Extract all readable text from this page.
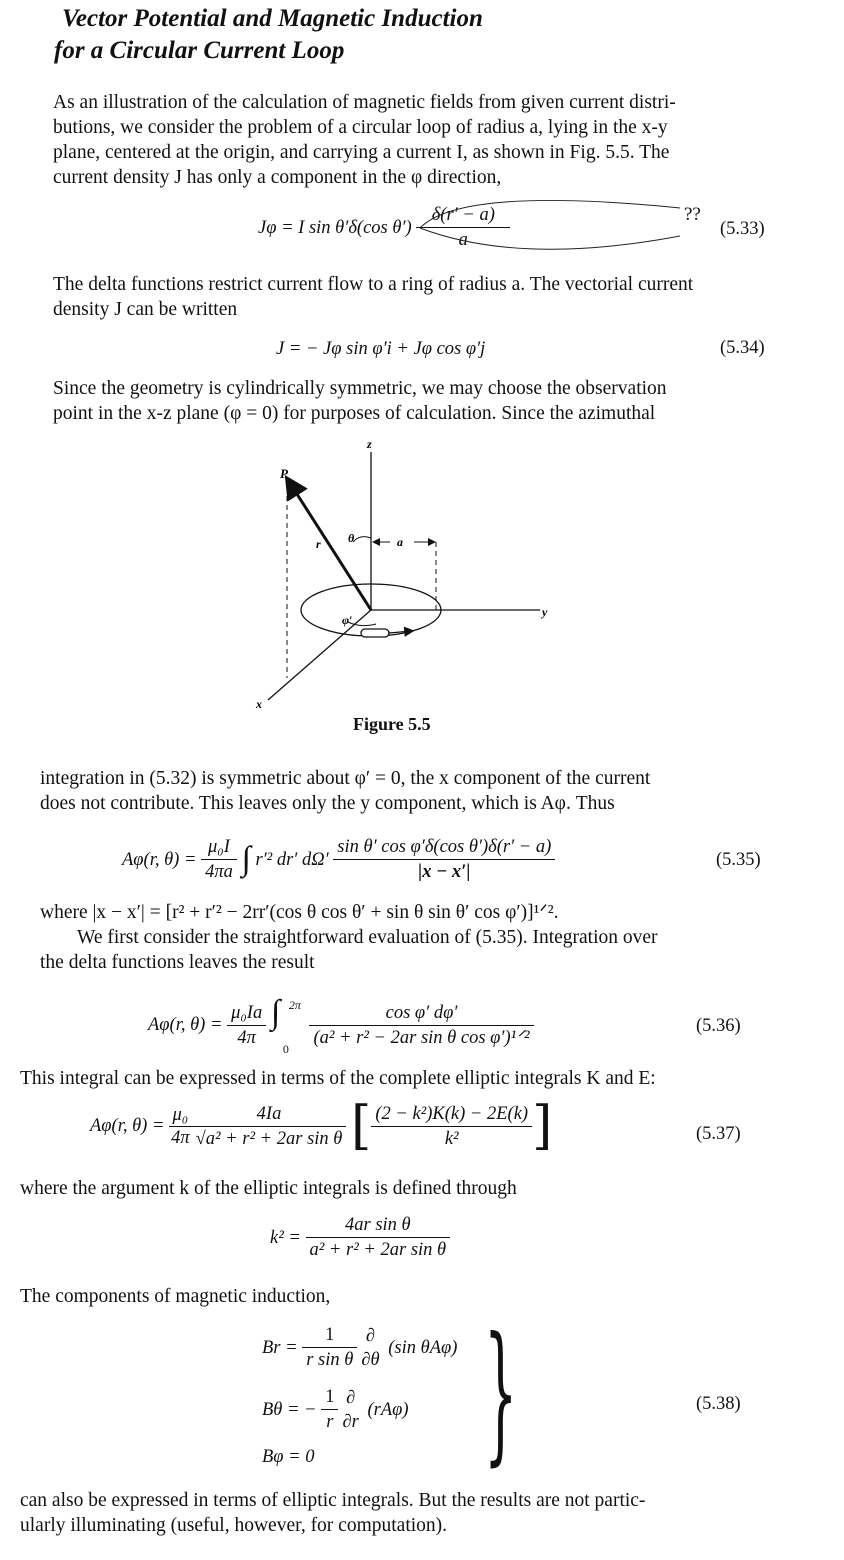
Vector Potential and Magnetic Induction
for a Circular Current Loop
As an illustration of the calculation of magnetic fields from given current distri-
butions, we consider the problem of a circular loop of radius a, lying in the x-y
plane, centered at the origin, and carrying a current I, as shown in Fig. 5.5. The
current density J has only a component in the φ direction,
Jφ = I sin θ′δ(cos $\theta') \frac{\delta(r' - a)}{a}$	??
(5.33)
The delta functions restrict current flow to a ring of radius a. The vectorial current
density J can be written
J = − Jφ sin φ′i + Jφ cos φ′j	(5.34)
Since the geometry is cylindrically symmetric, we may choose the observation
point in the x-z plane (φ = 0) for purposes of calculation. Since the azimuthal
z
y
x
P
r θ	a
φ′
Figure 5.5
integration in (5.32) is symmetric about φ′ = 0, the x component of the current
does not contribute. This leaves only the y component, which is Aφ. Thus
Aφ(r, $\theta) = \frac{\text{μ₀I}}{4\pi a}$ ∫ r′² dr′ $d\Omega' \frac{\text{sin θ′ cos φ′δ(cos θ′)δ(r′ − a)}}{|x - x'|}$	(5.35)
where |x − x′| = [r² + r′² − 2rr′(cos θ cos θ′ + sin θ sin θ′ cos φ′)]¹ᐟ².
We first consider the straightforward evaluation of (5.35). Integration over
the delta functions leaves the result
Aφ(r, $\theta) = \frac{\text{μ₀Ia}}{4\pi}$
∫ 2π
0

$\frac{\text{cos φ′ dφ′}}{\text{(a² + r² − 2ar sin θ cos φ′)¹ᐟ²}}$	(5.36)
This integral can be expressed in terms of the complete elliptic integrals K and E:
Aφ(r, $\theta) = \frac{\text{μ₀}}{4\pi} \frac{4Ia}{\text{√a² + r² + 2ar sin θ}}$ [ $\frac{\text{(2 − k²)K(k) − 2E(k)}}{\text{k²}}$ ]	(5.37)
where the argument k of the elliptic integrals is defined through
$k^2 = \frac{\text{4ar sin θ}}{\text{a² + r² + 2ar sin θ}}$
The components of magnetic induction,
$Br = \frac{1}{\text{r sin θ}}$ ∂
∂θ
(sin θAφ)
Bθ = − $\frac{1}{r}$ ∂
∂r
(rAφ)
Bφ = 0 }	(5.38)
can also be expressed in terms of elliptic integrals. But the results are not partic-
ularly illuminating (useful, however, for computation).
